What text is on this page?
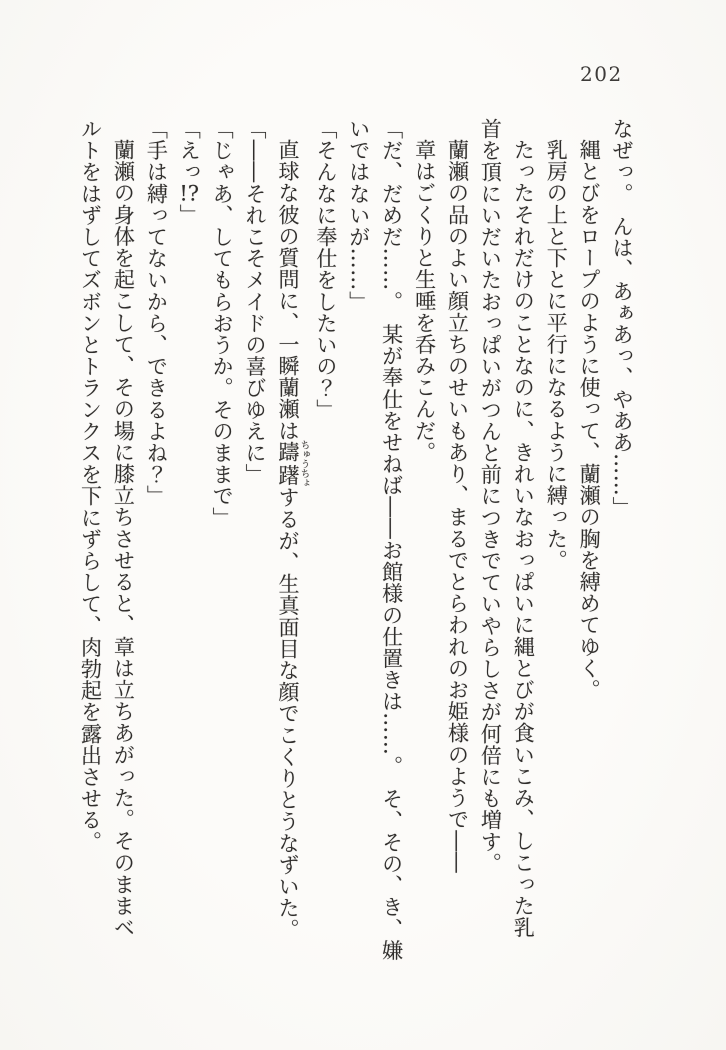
202

なぜっ。　んは、あぁあっ、やああ……」

縄とびをロープのように使って、蘭瀬の胸を縛めてゆく。

乳房の上と下とに平行になるように縛った。

たったそれだけのことなのに、きれいなおっぱいに縄とびが食いこみ、しこった乳

首を頂にいだいたおっぱいがつんと前につきでていやらしさが何倍にも増す。

蘭瀬の品のよい顔立ちのせいもあり、まるでとらわれのお姫様のようで――

章はごくりと生唾を呑みこんだ。

「だ、だめだ……。　某が奉仕をせねば――お館様の仕置きは……。　そ、その、き、嫌

いではないが……」

「そんなに奉仕をしたいの？」

直球な彼の質問に、一瞬蘭瀬は躊躇ちゅうちょするが、生真面目な顔でこくりとうなずいた。

「――それこそメイドの喜びゆえに」

「じゃあ、してもらおうか。そのままで」

「えっ!?」

「手は縛ってないから、できるよね？」

蘭瀬の身体を起こして、その場に膝立ちさせると、章は立ちあがった。そのままベ

ルトをはずしてズボンとトランクスを下にずらして、肉勃起を露出させる。
